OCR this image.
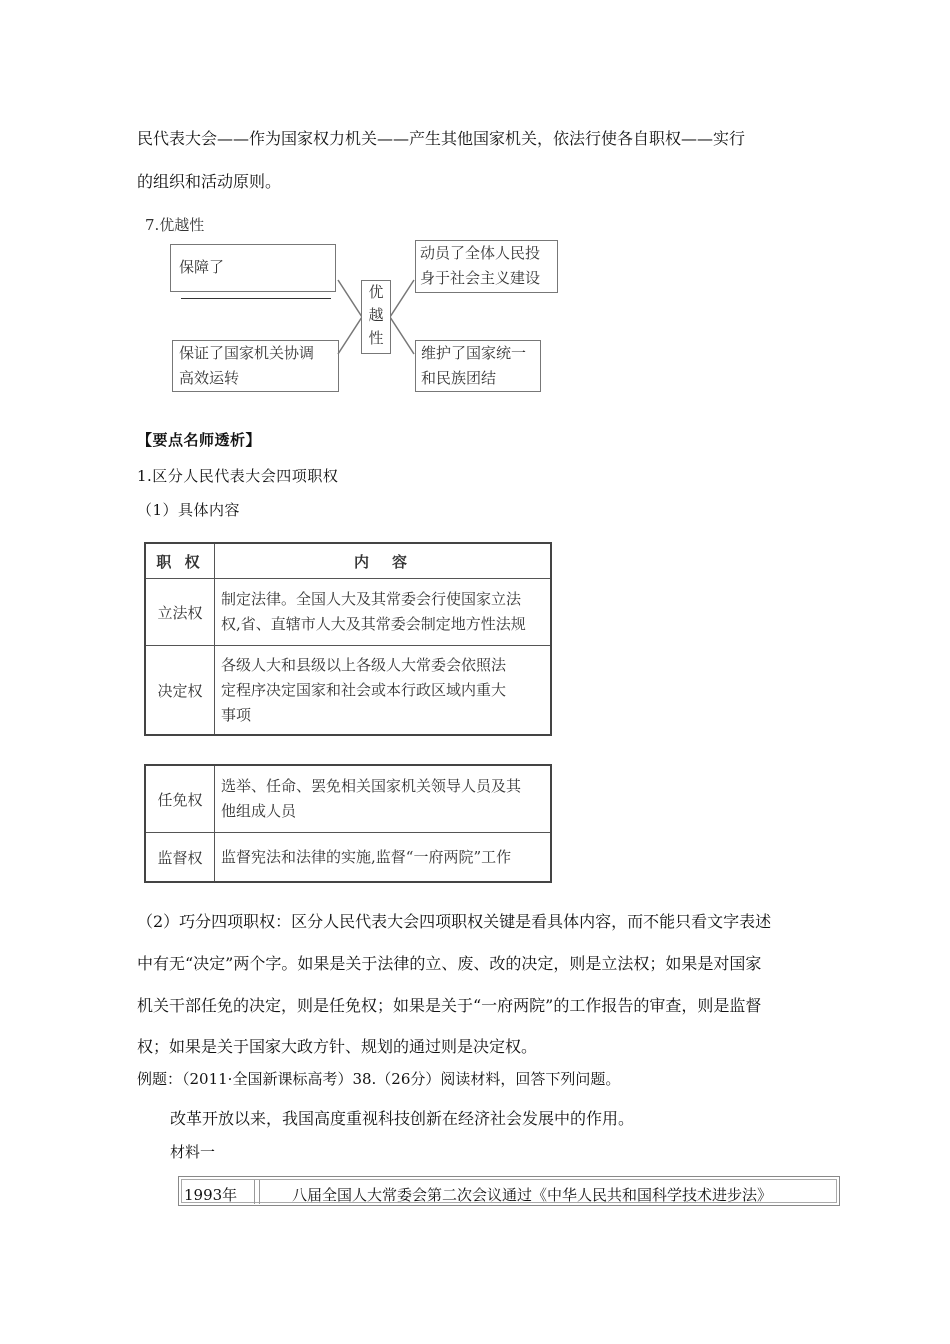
民代表大会——作为国家权力机关——产生其他国家机关，依法行使各自职权——实行
的组织和活动原则。
7.优越性
保障了
动员了全体人民投
身于社会主义建设
保证了国家机关协调
高效运转
维护了国家统一
和民族团结
优
越
性
【要点名师透析】
1.区分人民代表大会四项职权
（1）具体内容
职 权	内　容
立法权	制定法律。全国人大及其常委会行使国家立法
权,省、直辖市人大及其常委会制定地方性法规

决定权	各级人大和县级以上各级人大常委会依照法
定程序决定国家和社会或本行政区域内重大
事项
任免权	选举、任命、罢免相关国家机关领导人员及其
他组成人员

监督权	监督宪法和法律的实施,监督“一府两院”工作
（2）巧分四项职权：区分人民代表大会四项职权关键是看具体内容，而不能只看文字表述
中有无“决定”两个字。如果是关于法律的立、废、改的决定，则是立法权；如果是对国家
机关干部任免的决定，则是任免权；如果是关于“一府两院”的工作报告的审查，则是监督
权；如果是关于国家大政方针、规划的通过则是决定权。
例题：（2011·全国新课标高考）38.（26分）阅读材料，回答下列问题。
改革开放以来，我国高度重视科技创新在经济社会发展中的作用。
材料一
1993年	八届全国人大常委会第二次会议通过《中华人民共和国科学技术进步法》
